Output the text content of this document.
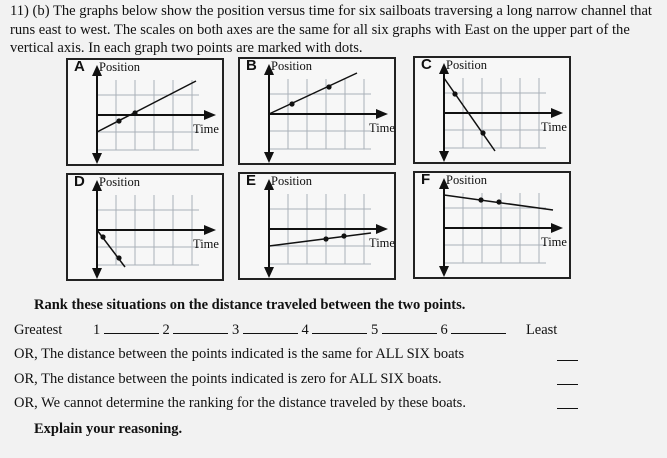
11) (b) The graphs below show the position versus time for six sailboats traversing a long narrow channel that runs east to west. The scales on both axes are the same for all six graphs with East on the upper part of the vertical axis. In each graph two points are marked with dots.
A Position
Time
B Position
Time
C Position
Time
D Position
Time
E Position
Time
F Position
Time
Rank these situations on the distance traveled between the two points.
Greatest 1	2	3	4	5	6	Least
OR, The distance between the points indicated is the same for ALL SIX boats
OR, The distance between the points indicated is zero for ALL SIX boats.
OR, We cannot determine the ranking for the distance traveled by these boats.
Explain your reasoning.
